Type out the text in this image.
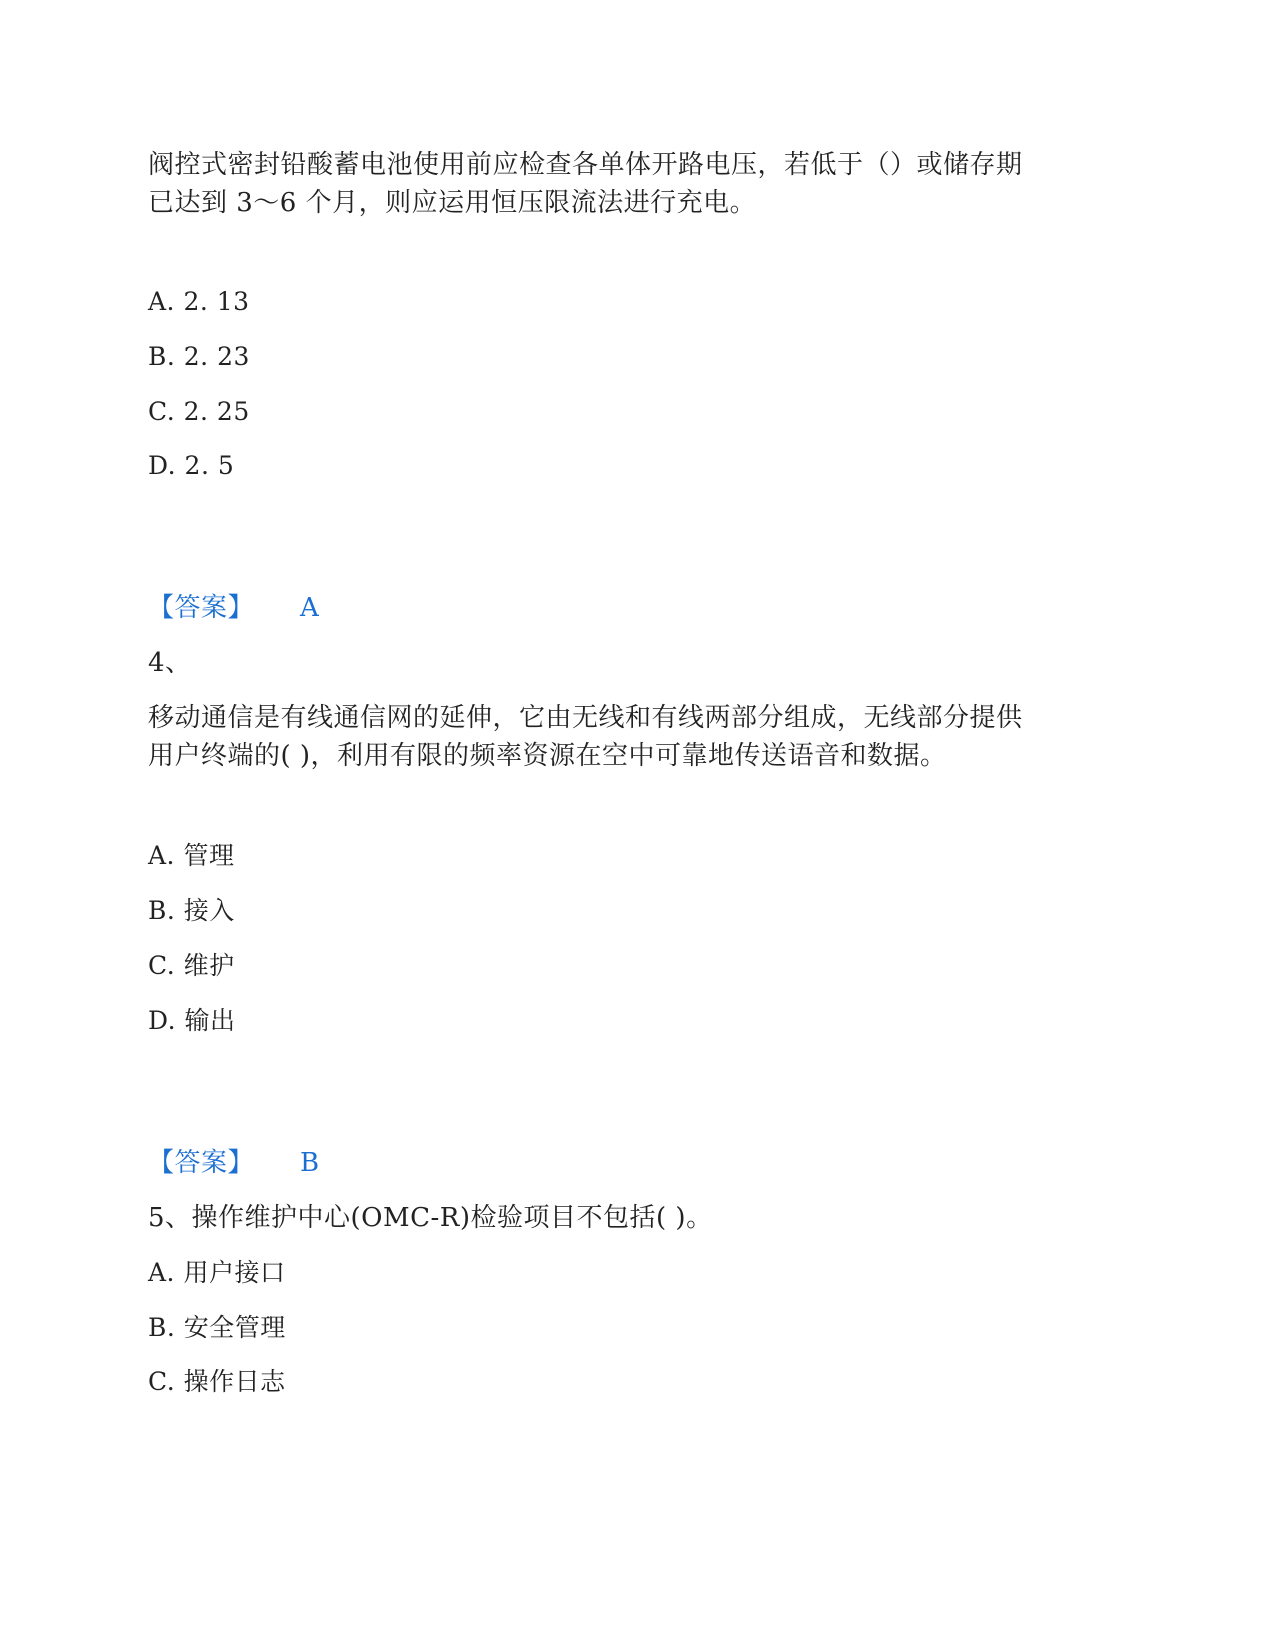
阀控式密封铅酸蓄电池使用前应检查各单体开路电压，若低于（）或储存期
已达到 3～6 个月，则应运用恒压限流法进行充电。
A. 2. 13
B. 2. 23
C. 2. 25
D. 2. 5
【答案】 A
4、
移动通信是有线通信网的延伸，它由无线和有线两部分组成，无线部分提供
用户终端的( )，利用有限的频率资源在空中可靠地传送语音和数据。
A. 管理
B. 接入
C. 维护
D. 输出
【答案】 B
5、操作维护中心(OMC-R)检验项目不包括( )。
A. 用户接口
B. 安全管理
C. 操作日志
